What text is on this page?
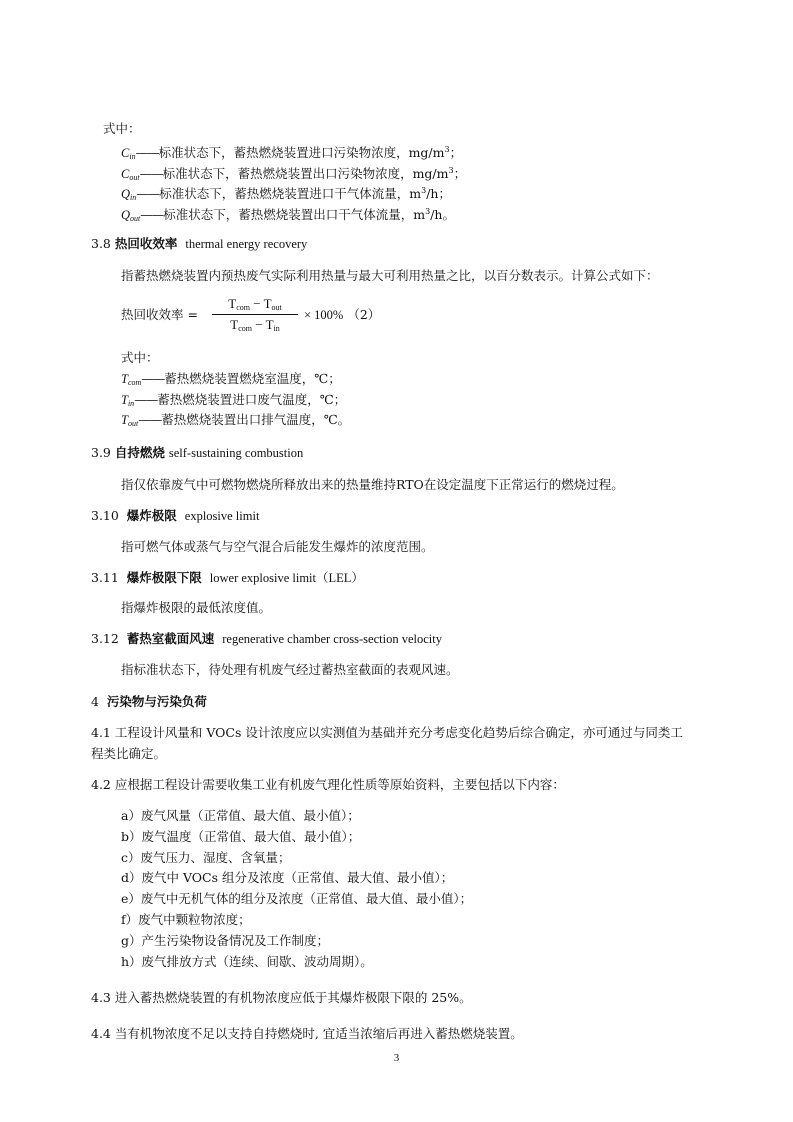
式中：
$C_{in}——$标准状态下，蓄热燃烧装置进口污染物浓度，$mg/m^3$；
$C_{out}——$标准状态下，蓄热燃烧装置出口污染物浓度，$mg/m^3$；
$Q_{in}——$标准状态下，蓄热燃烧装置进口干气体流量，$m^3/h$；
$Q_{out}——$标准状态下，蓄热燃烧装置出口干气体流量，$m^3/h$。
3.8 热回收效率 thermal energy recovery
指蓄热燃烧装置内预热废气实际利用热量与最大可利用热量之比，以百分数表示。计算公式如下：
热回收效率 =
$T_{com} - T_{out}$
$T_{com} - T_{in}$
× 100% （2）
式中：
$T_{com}——$蓄热燃烧装置燃烧室温度，℃；
$T_{in}——$蓄热燃烧装置进口废气温度，℃；
$T_{out}——$蓄热燃烧装置出口排气温度，℃。
3.9 自持燃烧 self-sustaining combustion
指仅依靠废气中可燃物燃烧所释放出来的热量维持RTO在设定温度下正常运行的燃烧过程。
3.10 爆炸极限 explosive limit
指可燃气体或蒸气与空气混合后能发生爆炸的浓度范围。
3.11 爆炸极限下限 lower explosive limit（LEL）
指爆炸极限的最低浓度值。
3.12 蓄热室截面风速 regenerative chamber cross-section velocity
指标准状态下，待处理有机废气经过蓄热室截面的表观风速。
4 污染物与污染负荷
4.1 工程设计风量和 VOCs 设计浓度应以实测值为基础并充分考虑变化趋势后综合确定，亦可通过与同类工
程类比确定。
4.2 应根据工程设计需要收集工业有机废气理化性质等原始资料，主要包括以下内容：
a）废气风量（正常值、最大值、最小值）；
b）废气温度（正常值、最大值、最小值）；
c）废气压力、湿度、含氧量；
d）废气中 VOCs 组分及浓度（正常值、最大值、最小值）；
e）废气中无机气体的组分及浓度（正常值、最大值、最小值）；
f）废气中颗粒物浓度；
g）产生污染物设备情况及工作制度；
h）废气排放方式（连续、间歇、波动周期）。
4.3 进入蓄热燃烧装置的有机物浓度应低于其爆炸极限下限的 25%。
4.4 当有机物浓度不足以支持自持燃烧时, 宜适当浓缩后再进入蓄热燃烧装置。
3
